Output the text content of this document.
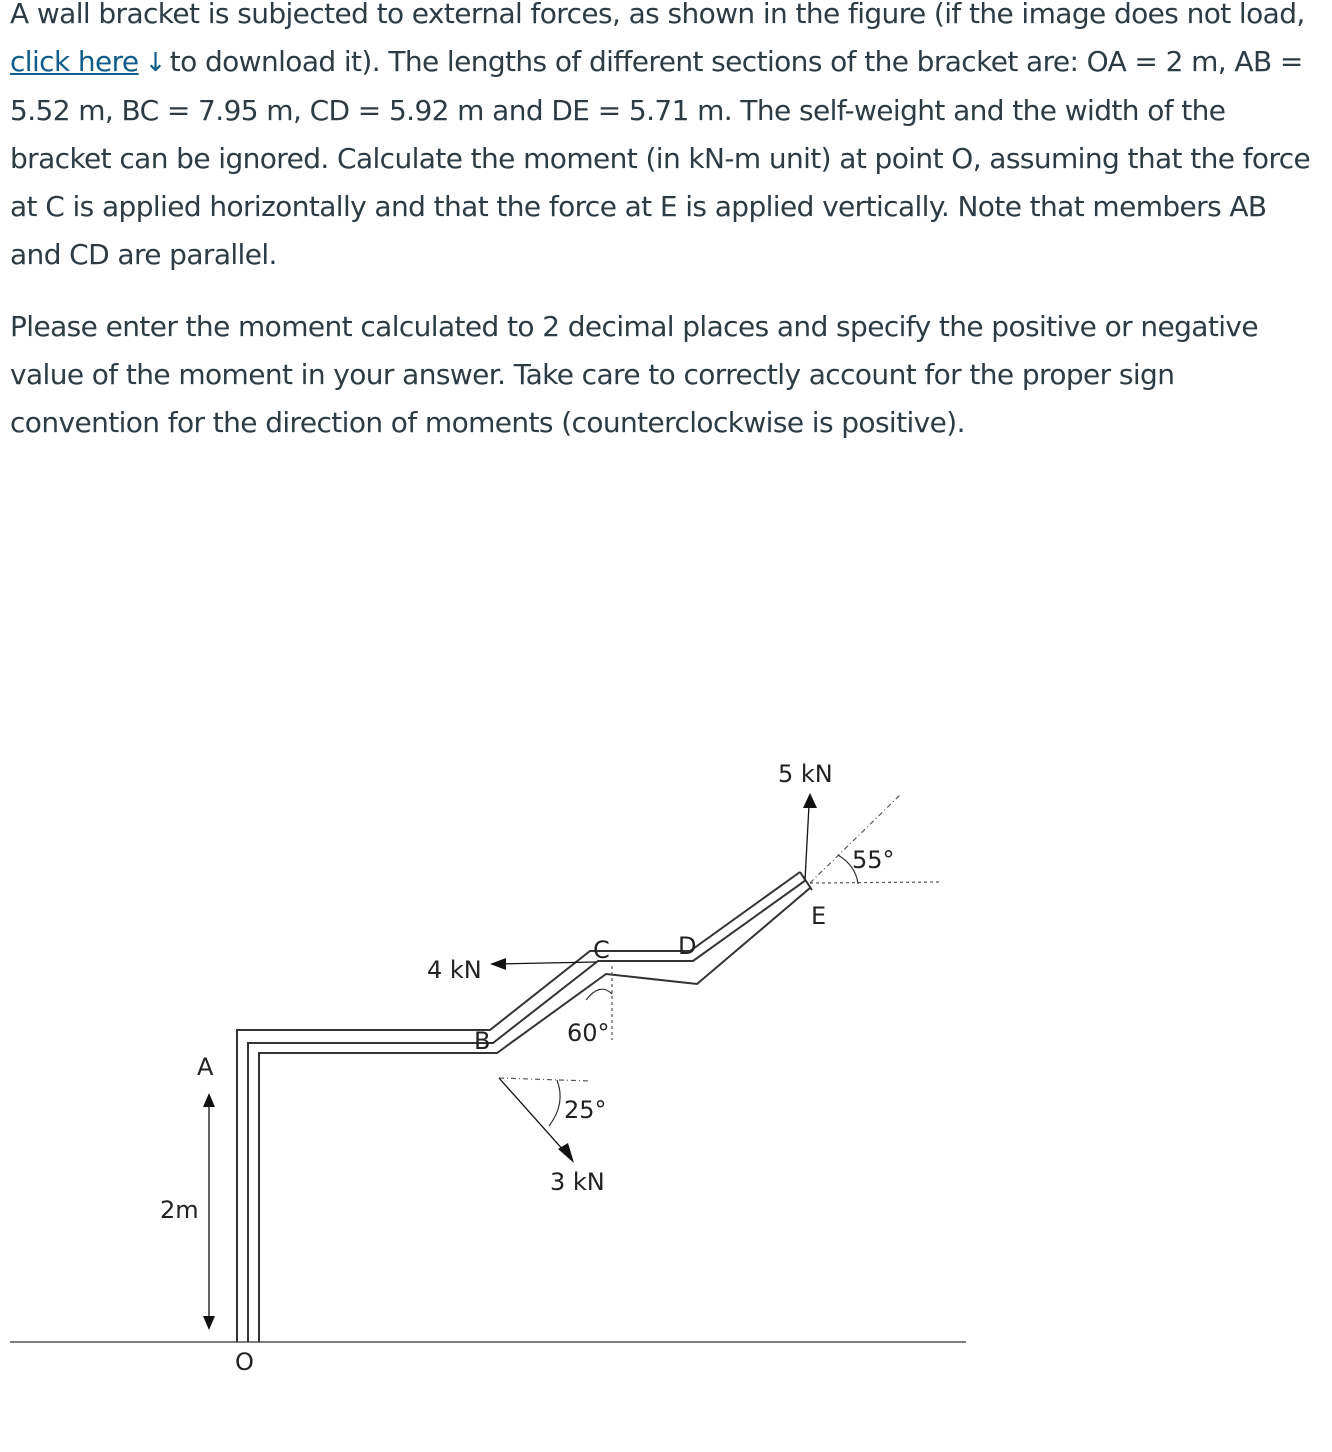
A wall bracket is subjected to external forces, as shown in the figure (if the image does not load, click here ↓ to download it). The lengths of different sections of the bracket are: OA = 2 m, AB = 5.52 m, BC = 7.95 m, CD = 5.92 m and DE = 5.71 m. The self-weight and the width of the bracket can be ignored. Calculate the moment (in kN-m unit) at point O, assuming that the force at C is applied horizontally and that the force at E is applied vertically. Note that members AB and CD are parallel.

Please enter the moment calculated to 2 decimal places and specify the positive or negative value of the moment in your answer. Take care to correctly account for the proper sign convention for the direction of moments (counterclockwise is positive).

2m
A
O
B
C	D
E
4 kN
60°
25°
3 kN
5 kN
55°
